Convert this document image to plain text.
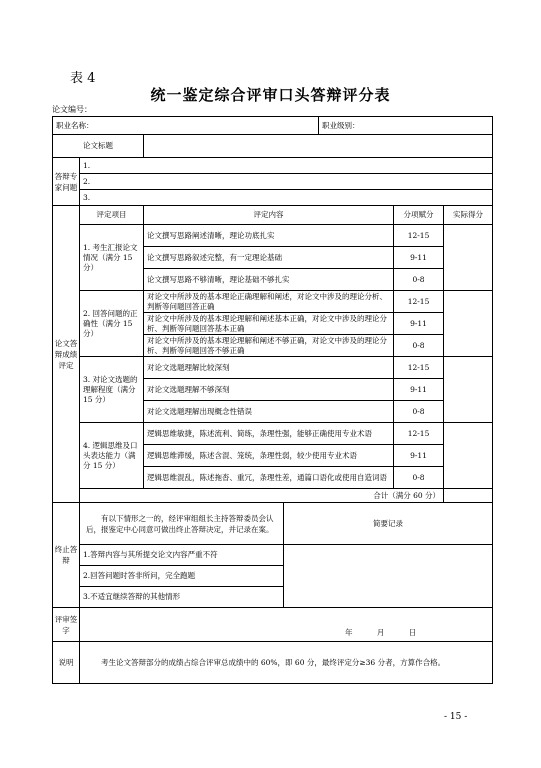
表 4
统一鉴定综合评审口头答辩评分表
论文编号：
职业名称：				职业级别：		
论文标题						
答辩专家问题	1.					
	2.					
	3.					
论文答辩成绩评定	评定项目	评定内容			分项赋分	实际得分
	1. 考生汇报论文情况（满分 15 分）	论文撰写思路阐述清晰，理论功底扎实			12-15	
		论文撰写思路叙述完整，有一定理论基础			9-11	
		论文撰写思路不够清晰，理论基础不够扎实			0-8	
	2. 回答问题的正确性（满分 15 分）	对论文中所涉及的基本理论正确理解和阐述，对论文中涉及的理论分析、判断等问题回答正确			12-15	
		对论文中所涉及的基本理论理解和阐述基本正确，对论文中涉及的理论分析、判断等问题回答基本正确			9-11	
		对论文中所涉及的基本理论理解和阐述不够正确，对论文中涉及的理论分析、判断等问题回答不够正确			0-8	
	3. 对论文选题的理解程度（满分 15 分）	对论文选题理解比较深刻			12-15	
		对论文选题理解不够深刻			9-11	
		对论文选题理解出现概念性错误			0-8	
	4. 逻辑思维及口头表达能力（满分 15 分）	逻辑思维敏捷，陈述流利、简练，条理性强，能够正确使用专业术语			12-15	
		逻辑思维滞缓，陈述含混、笼统，条理性弱，较少使用专业术语			9-11	
		逻辑思维混乱，陈述拖沓、重冗，条理性差，通篇口语化或使用自造词语			0-8	
	合计（满分 60 分）					
终止答辩	有以下情形之一的，经评审组组长主持答辩委员会认后，报鉴定中心同意可做出终止答辩决定，并记录在案。		简要记录			
	1.答辩内容与其所提交论文内容严重不符					
	2.回答问题时答非所问，完全跑题					
	3.不适宜继续答辩的其他情形					
评审签字	年 月 日					
说明	考生论文答辩部分的成绩占综合评审总成绩中的 60%，即 60 分，最终评定分≥36 分者，方算作合格。					
- 15 -
